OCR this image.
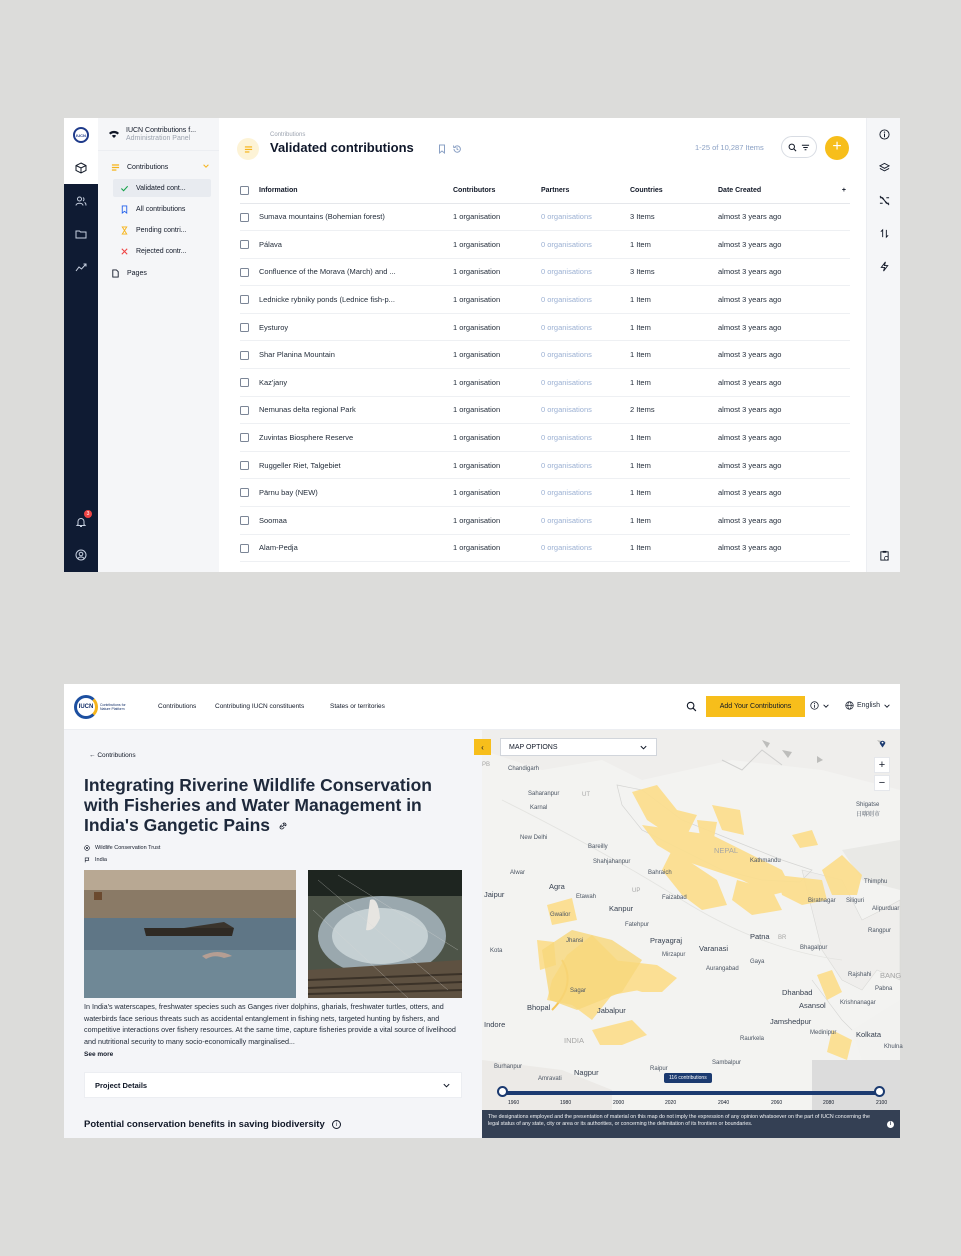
IUCN
3
IUCN Contributions f...
Administration Panel
Contributions
Validated cont...
All contributions
Pending contri...
Rejected contr...
Pages
Contributions
Validated contributions	1-25 of 10,287 Items	+
	Information	Contributors	Partners	Countries	Date Created	+
	Sumava mountains (Bohemian forest)	1 organisation	0 organisations	3 Items	almost 3 years ago	
	Pálava	1 organisation	0 organisations	1 Item	almost 3 years ago	
	Confluence of the Morava (March) and ...	1 organisation	0 organisations	3 Items	almost 3 years ago	
	Lednicke rybniky ponds (Lednice fish-p...	1 organisation	0 organisations	1 Item	almost 3 years ago	
	Eysturoy	1 organisation	0 organisations	1 Item	almost 3 years ago	
	Shar Planina Mountain	1 organisation	0 organisations	1 Item	almost 3 years ago	
	Kaz'jany	1 organisation	0 organisations	1 Item	almost 3 years ago	
	Nemunas delta regional Park	1 organisation	0 organisations	2 Items	almost 3 years ago	
	Zuvintas Biosphere Reserve	1 organisation	0 organisations	1 Item	almost 3 years ago	
	Ruggeller Riet, Talgebiet	1 organisation	0 organisations	1 Item	almost 3 years ago	
	Pärnu bay (NEW)	1 organisation	0 organisations	1 Item	almost 3 years ago	
	Soomaa	1 organisation	0 organisations	1 Item	almost 3 years ago	
	Alam-Pedja	1 organisation	0 organisations	1 Item	almost 3 years ago	
IUCN	Contributions for Nature Platform	Contributions	Contributing IUCN constituents	States or territories	Add Your Contributions	English
← Contributions
Integrating Riverine Wildlife Conservation with Fisheries and Water Management in India's Gangetic Pains
Wildlife Conservation Trust
India
In India's waterscapes, freshwater species such as Ganges river dolphins, gharials, freshwater turtles, otters, and waterbirds face serious threats such as accidental entanglement in fishing nets, targeted hunting by fishers, and competitive interactions over fishery resources. At the same time, capture fisheries provide a vital source of livelihood and nutritional security to many socio-economically marginalised...
See more
Project Details
Potential conservation benefits in saving biodiversity	i
‹	MAP OPTIONS
+
−
PB
Chandigarh
Saharanpur	UT
Karnal
New Delhi
Bareilly
Shahjahanpur
Bahraich
NEPAL
Kathmandu
Alwar
Agra
Jaipur	Etawah
UP
Faizabad
Kanpur
Gwalior
Fatehpur
Prayagraj
Varanasi
Patna BR
Biratnagar Siliguri
Thimphu
Alipurduar
Rangpur
Jhansi
Kota
Mirzapur
Aurangabad
Gaya
Bhagalpur
Rajshahi BANG
Sagar
Bhopal	Jabalpur
Dhanbad
Asansol Krishnanagar
Pabna
Jamshedpur
Medinipur	Kolkata
Khulna
Indore
INDIA	Raurkela
Nagpur	Raipur
Sambalpur
Amravati
Burhanpur
Shigatse
日喀则市
116 contributions
1960	1980	2000	2020	2040	2060	2080	2100
The designations employed and the presentation of material on this map do not imply the expression of any opinion whatsoever on the part of IUCN concerning the legal status of any state, city or area or its authorities, or concerning the delimitation of its frontiers or boundaries.	i
